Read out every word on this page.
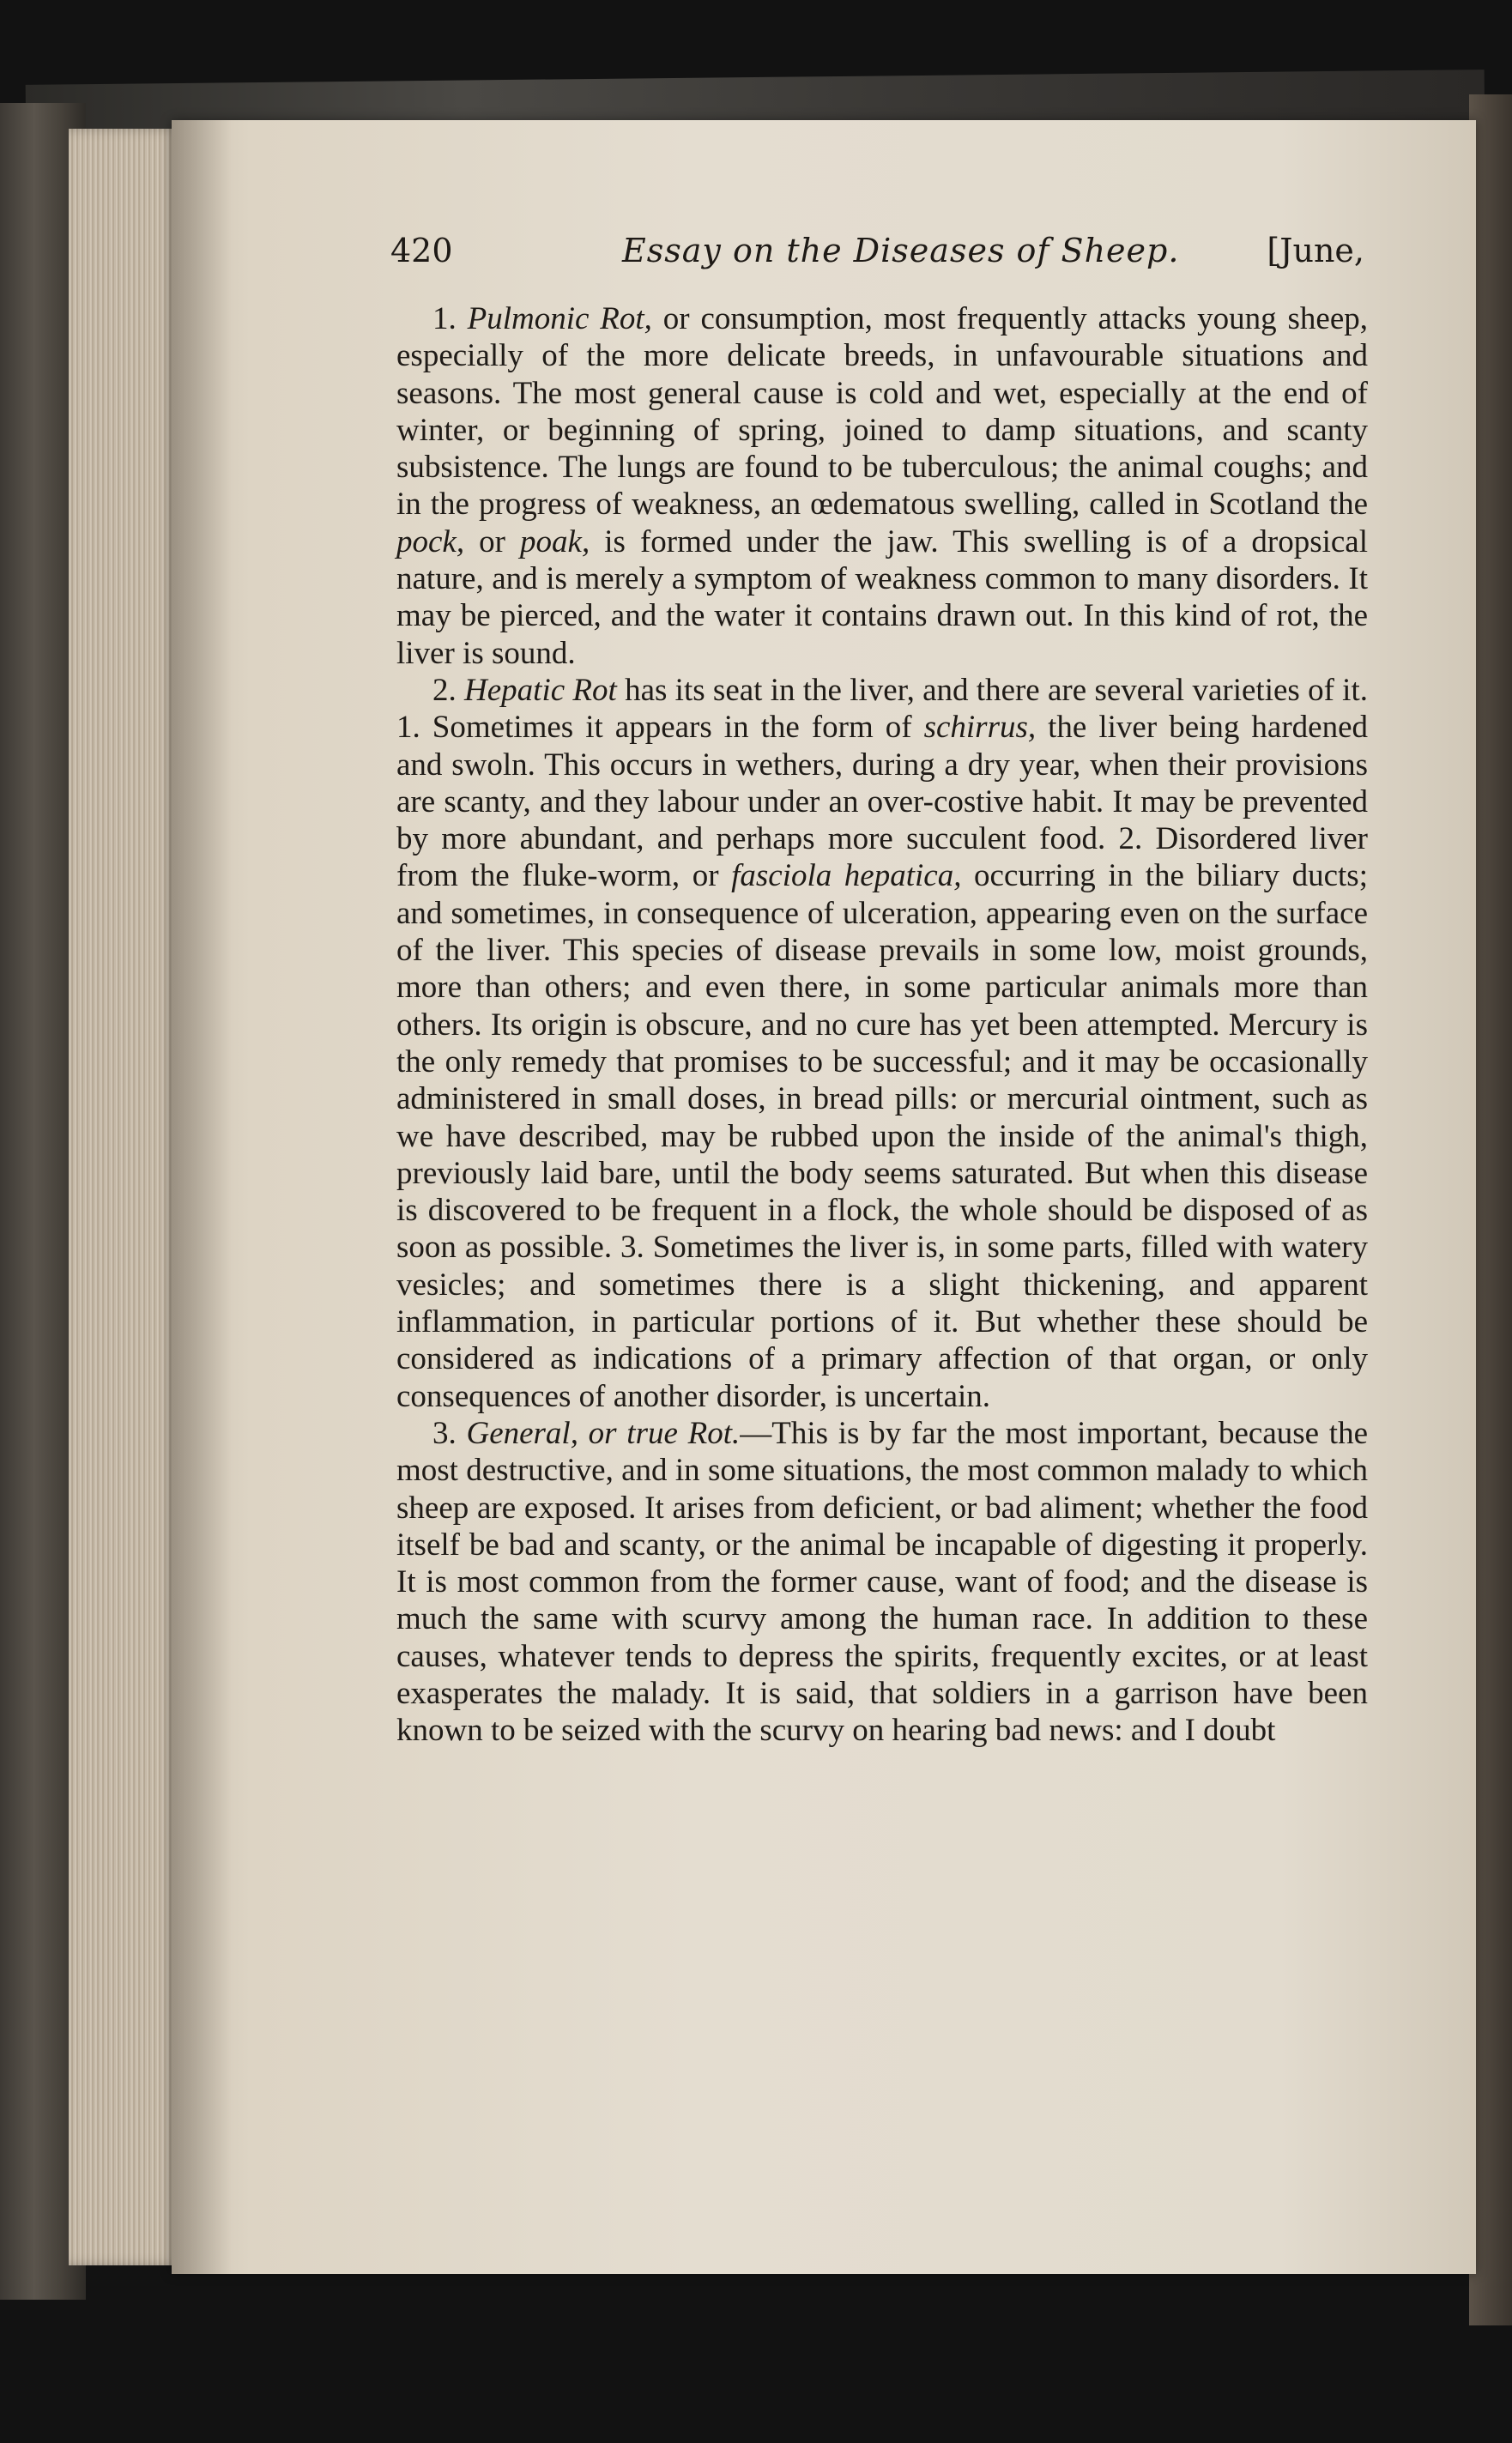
420	Essay on the Diseases of Sheep.	[June,

1. Pulmonic Rot, or consumption, most frequently attacks young sheep, especially of the more delicate breeds, in unfavourable situations and seasons. The most general cause is cold and wet, especially at the end of winter, or beginning of spring, joined to damp situations, and scanty subsistence. The lungs are found to be tuberculous; the animal coughs; and in the progress of weakness, an œdematous swelling, called in Scotland the pock, or poak, is formed under the jaw. This swelling is of a dropsical nature, and is merely a symptom of weakness common to many disorders. It may be pierced, and the water it contains drawn out. In this kind of rot, the liver is sound.

2. Hepatic Rot has its seat in the liver, and there are several varieties of it. 1. Sometimes it appears in the form of schirrus, the liver being hardened and swoln. This occurs in wethers, during a dry year, when their provisions are scanty, and they labour under an over-costive habit. It may be prevented by more abundant, and perhaps more succulent food. 2. Disordered liver from the fluke-worm, or fasciola hepatica, occurring in the biliary ducts; and sometimes, in consequence of ulceration, appearing even on the surface of the liver. This species of disease prevails in some low, moist grounds, more than others; and even there, in some particular animals more than others. Its origin is obscure, and no cure has yet been attempted. Mercury is the only remedy that promises to be successful; and it may be occasionally administered in small doses, in bread pills: or mercurial ointment, such as we have described, may be rubbed upon the inside of the animal's thigh, previously laid bare, until the body seems saturated. But when this disease is discovered to be frequent in a flock, the whole should be disposed of as soon as possible. 3. Sometimes the liver is, in some parts, filled with watery vesicles; and sometimes there is a slight thickening, and apparent inflammation, in particular portions of it. But whether these should be considered as indications of a primary affection of that organ, or only consequences of another disorder, is uncertain.

3. General, or true Rot.—This is by far the most important, because the most destructive, and in some situations, the most common malady to which sheep are exposed. It arises from deficient, or bad aliment; whether the food itself be bad and scanty, or the animal be incapable of digesting it properly. It is most common from the former cause, want of food; and the disease is much the same with scurvy among the human race. In addition to these causes, whatever tends to depress the spirits, frequently excites, or at least exasperates the malady. It is said, that soldiers in a garrison have been known to be seized with the scurvy on hearing bad news: and I doubt
